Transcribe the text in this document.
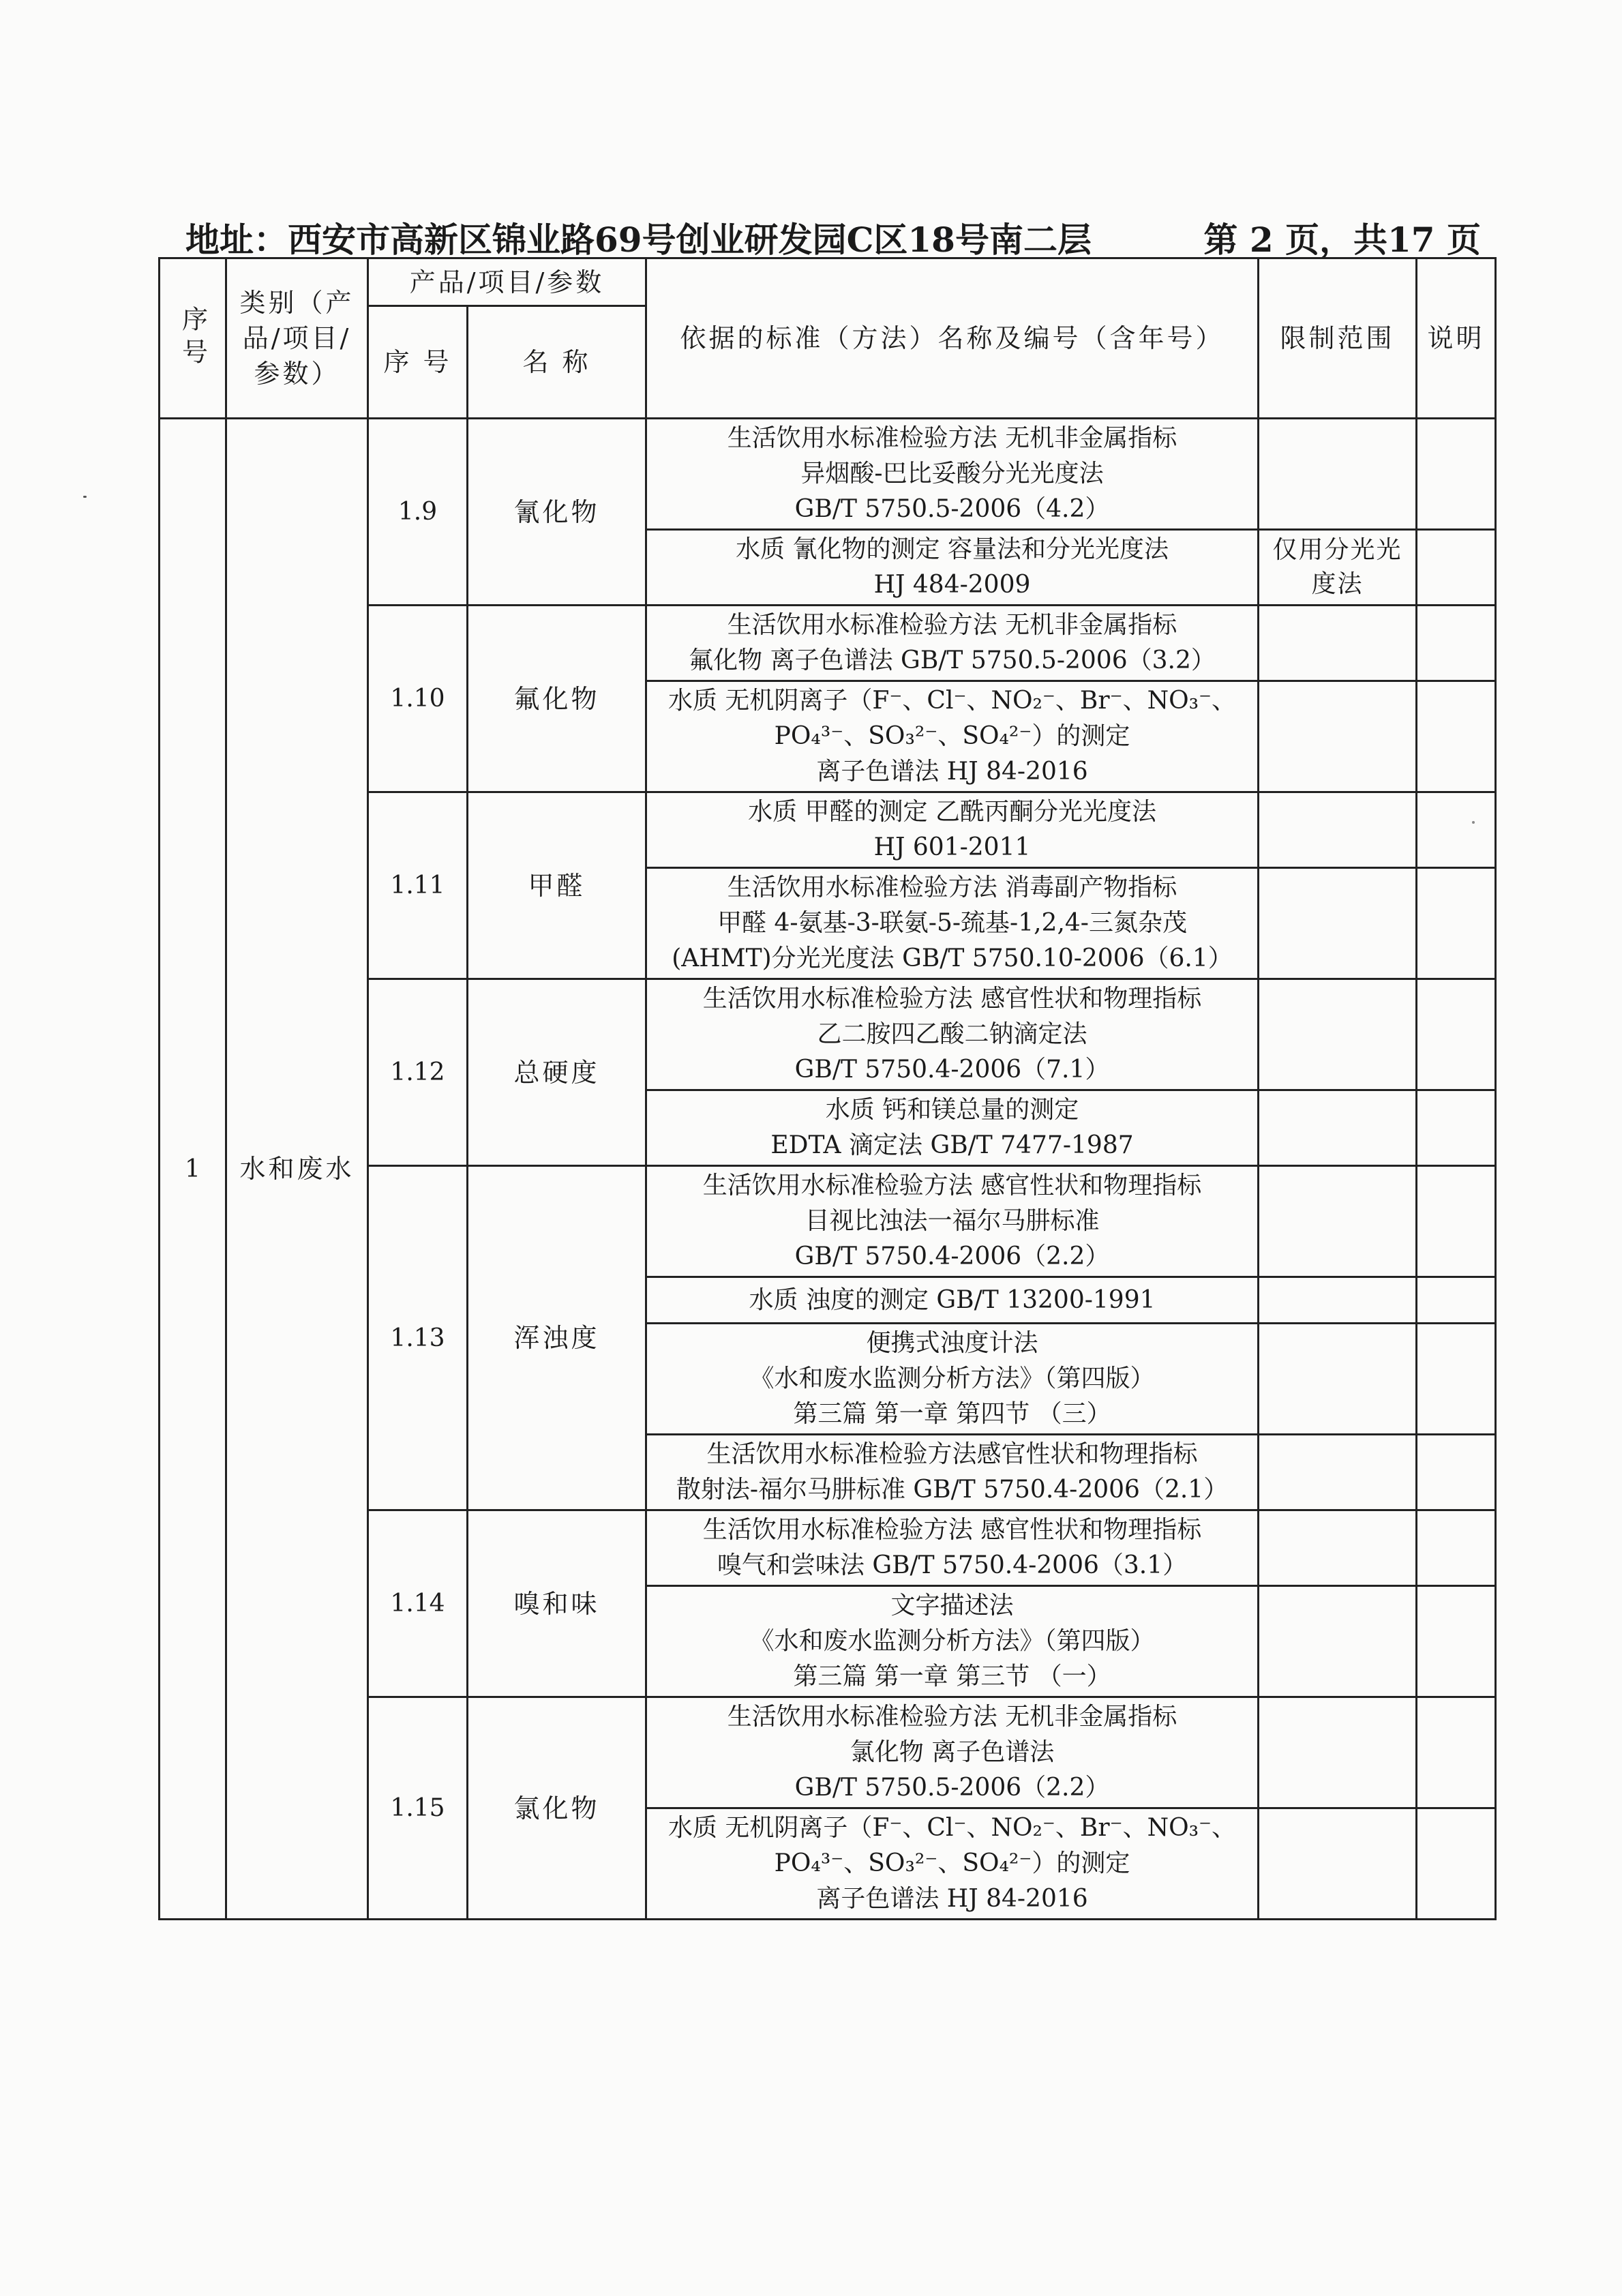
地址：西安市高新区锦业路69号创业研发园C区18号南二层	第 2 页，共17 页
序号	类别（产品/项目/参数）	产品/项目/参数		依据的标准（方法）名称及编号（含年号）	限制范围	说明
		序 号	名 称			
1	水和废水	1.9	氰化物	生活饮用水标准检验方法 无机非金属指标
异烟酸-巴比妥酸分光光度法
GB/T 5750.5-2006（4.2）		

				水质 氰化物的测定 容量法和分光光度法
HJ 484-2009	仅用分光光度法	
		1.10	氟化物	生活饮用水标准检验方法 无机非金属指标
氟化物 离子色谱法 GB/T 5750.5-2006（3.2）		

				水质 无机阴离子（F⁻、Cl⁻、NO₂⁻、Br⁻、NO₃⁻、
PO₄³⁻、SO₃²⁻、SO₄²⁻）的测定
离子色谱法 HJ 84-2016		

		1.11	甲醛	水质 甲醛的测定 乙酰丙酮分光光度法
HJ 601-2011		

				生活饮用水标准检验方法 消毒副产物指标
甲醛 4-氨基-3-联氨-5-巯基-1,2,4-三氮杂茂
(AHMT)分光光度法 GB/T 5750.10-2006（6.1）		

		1.12	总硬度	生活饮用水标准检验方法 感官性状和物理指标
乙二胺四乙酸二钠滴定法
GB/T 5750.4-2006（7.1）		

				水质 钙和镁总量的测定
EDTA 滴定法 GB/T 7477-1987		

		1.13	浑浊度	生活饮用水标准检验方法 感官性状和物理指标
目视比浊法一福尔马肼标准
GB/T 5750.4-2006（2.2）		

				水质 浊度的测定 GB/T 13200-1991		

				便携式浊度计法
《水和废水监测分析方法》（第四版）
第三篇 第一章 第四节 （三）		

				生活饮用水标准检验方法感官性状和物理指标
散射法-福尔马肼标准 GB/T 5750.4-2006（2.1）		

		1.14	嗅和味	生活饮用水标准检验方法 感官性状和物理指标
嗅气和尝味法 GB/T 5750.4-2006（3.1）		

				文字描述法
《水和废水监测分析方法》（第四版）
第三篇 第一章 第三节 （一）		

		1.15	氯化物	生活饮用水标准检验方法 无机非金属指标
氯化物 离子色谱法
GB/T 5750.5-2006（2.2）		

				水质 无机阴离子（F⁻、Cl⁻、NO₂⁻、Br⁻、NO₃⁻、
PO₄³⁻、SO₃²⁻、SO₄²⁻）的测定
离子色谱法 HJ 84-2016		
